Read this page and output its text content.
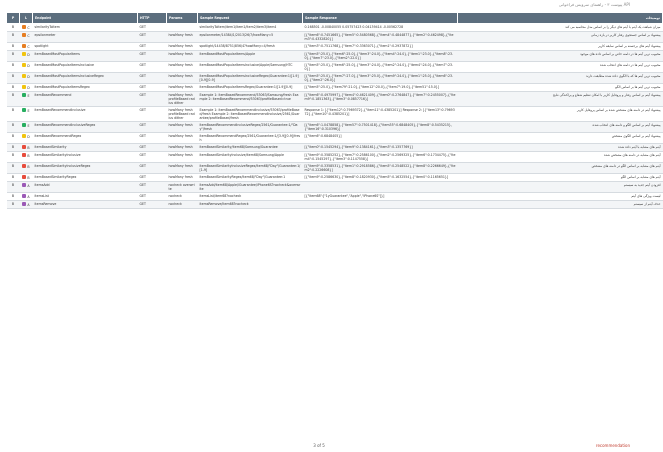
پیوست ۳ - راهنمای سرویس فراخوانی API
P	L	Endpoint	HTTP	Params	Sample Request	Sample Response	توضیحات
B	C	similarityToItem	GET		similarityToItem/item1/item1/item2/item3/item4	0.168501 -0.00840055 0.05757423 0.04139414 -0.00562728	میزان شباهت یک آیتم با آیتم های دیگر را بر اساس مدل محاسبه می کند
B	C	epsilonmeter	GET	howMany fresh	epsilonmeter/14384/1/2013/26/7/howMany=5	[{"item6":0.7451665},{"item5":0.5480568},{"item4":0.4844877},{"item2":0.462498},{"item3":0.4332820}]	پیشنهاد بر اساس جستجوی رفتار کاربر در بازه زمانی
B	C	spotlight	GET	howMany fresh	spotlight/14438/8751/856/4?howMany=4/fresh	[{"item3":0.7511768},{"item7":0.3363071},{"item1":0.2937872}]	پیشنهاد آیتم های برجسته بر اساس سابقه کاربر
B	D	itemBasedMostPopularItems	GET	howMany fresh	itemBasedMostPopularItems/Apple	[{"item5":25.0},{"item6":25.0},{"item3":24.0},{"item4":24.0},{"item1":23.0},{"item8":23.0},{"item7":23.0},{"item2":22.0}]	محبوب ترین آیتم ها در دامنه خاص بر اساس داده های موجود
B	D	itemBasedMostPopularItemsInclusive	GET	howMany fresh	itemBasedMostPopularItemsInclusive/Apple/Samsung/HTC	[{"item5":25.0},{"item6":25.0},{"item3":24.0},{"item2":24.0},{"item4":24.0},{"item7":23.0}]	محبوب ترین آیتم ها در دامنه های انتخاب شده
B	D	itemBasedMostPopularItemsInclusiveRegex	GET	howMany fresh	itemBasedMostPopularItemsInclusiveRegex/Guarantee:1/[1-9][0-9][0-9]	[{"item5":25.0},{"item7":27.0},{"item3":25.0},{"item9":24.0},{"item1":25.0},{"item6":23.0},{"item2":26.0}]	محبوب ترین آیتم ها که با الگوی داده شده مطابقت دارند
B	D	itemBasedMostPopularItemsRegex	GET	howMany fresh	itemBasedMostPopularItemsRegex/Guarantee:1/[1-9][0-9]	[{"item5":25.0},{"item79":21.0},{"item12":20.0},{"item7":19.0},{"item51":15.0}]	محبوب ترین آیتم ها بر اساس الگو
B	E	itemBasedRecommend	GET	howMany fresh profileBased radius dither	Example 1: itemBasedRecommend/53063/Samsung/fresh Example 2: itemBasedRecommend/53063/profileBased=true	[{"item6":0.4975997},{"item4":0.4621409},{"item0":0.2764847},{"item7":0.2455007},{"item9":0.1851363},{"item3":0.0857716}]	پیشنهاد آیتم بر اساس رفتار و پروفایل کاربر با امکان تنظیم شعاع و پراکندگی نتایج
B	E	itemBasedRecommendInclusive	GET	howMany fresh profileBased radius dither	Example 1: itemBasedRecommendInclusive/53063/profileBased/fresh Example 2: itemBasedRecommendInclusive/2561/Guarantee/profileBased/fresh	Response 1: [{"item12":0.7969372},{"item11":0.4385201}] Response 2: [{"item13":0.7969372},{"item10":0.4385201}]	پیشنهاد آیتم در دامنه های مشخص شده بر اساس پروفایل کاربر
B	E	itemBasedRecommendInclusiveRegex	GET	howMany fresh	itemBasedRecommendInclusiveRegex/2561/Guarantee:1/"Day"/fresh	[{"item6":1.0478858},{"item57":0.7501418},{"item35":0.6848405},{"item8":0.5435215},{"item16":0.310396}]	پیشنهاد آیتم بر اساس الگو و دامنه های انتخاب شده
B	D	itemBasedRecommendRegex	GET	howMany fresh	itemBasedRecommendRegex/2561/Guarantee:1/[3-9][0-9]/fresh	[{"item6":0.6848405}]	پیشنهاد آیتم بر اساس الگوی مشخص
B	B	itemBasedSimilarity	GET	howMany fresh	itemBasedSimilarity/item68/Samsung/Guarantee	[{"item0":0.1545294},{"item9":0.1384161},{"item3":0.1357769}]	آیتم های مشابه با آیتم داده شده
B	B	itemBasedSimilarityInclusive	GET	howMany fresh	itemBasedSimilarityInclusive/item68/Samsung/Apple	[{"item9":0.3585252},{"item7":0.2586100},{"item2":0.2569325},{"item6":0.1734475},{"item4":0.1545297},{"item3":0.1147558}]	آیتم های مشابه در دامنه های مشخص شده
B	B	itemBasedSimilarityInclusiveRegex	GET	howMany fresh	itemBasedSimilarityInclusiveRegex/item68/"Day"/Guarantee:1/[1-9]	[{"item9":0.3358531},{"item1":0.2918586},{"item5":0.2548522},{"item8":0.2266649},{"item2":0.2226608}]	آیتم های مشابه بر اساس الگو در دامنه های مشخص
B	B	itemBasedSimilarityRegex	GET	howMany fresh	itemBasedSimilarityRegex/item68/"Day"/Guarantee:1	[{"item9":0.2586630},{"item8":0.1820930},{"item5":0.1632554},{"item0":0.1165651}]	آیتم های مشابه بر اساس الگو
B	A	itemsAdd	GET	nocheck overwrite	itemsAdd/item68/Apple/iGuarantee/iPhone6S?nocheck&overwrite		افزودن آیتم جدید به سیستم
B	A	itemsList	GET	nocheck	itemsList/item68?nocheck	[{"item68":["1yGuarantee","Apple","iPhone6S"]}]	لیست ویژگی های آیتم
B	A	itemsRemove	GET	nocheck	itemsRemove/item68?nocheck		حذف آیتم از سیستم
3 of 5	recommendation
